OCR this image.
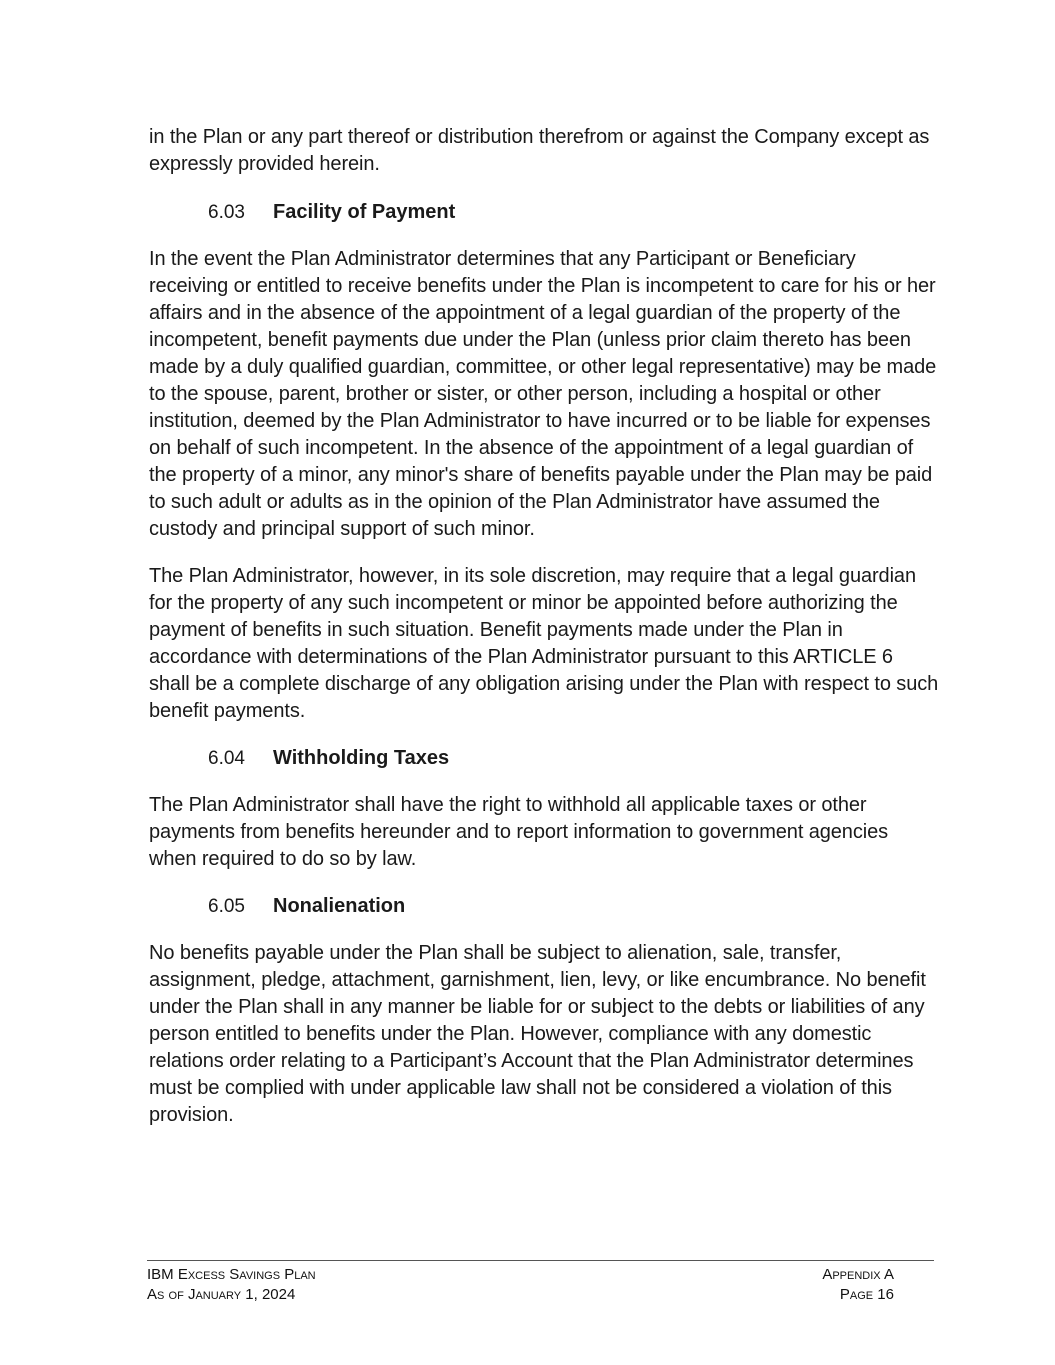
in the Plan or any part thereof or distribution therefrom or against the Company except as expressly provided herein.

6.03	Facility of Payment

In the event the Plan Administrator determines that any Participant or Beneficiary receiving or entitled to receive benefits under the Plan is incompetent to care for his or her affairs and in the absence of the appointment of a legal guardian of the property of the incompetent, benefit payments due under the Plan (unless prior claim thereto has been made by a duly qualified guardian, committee, or other legal representative) may be made to the spouse, parent, brother or sister, or other person, including a hospital or other institution, deemed by the Plan Administrator to have incurred or to be liable for expenses on behalf of such incompetent. In the absence of the appointment of a legal guardian of the property of a minor, any minor's share of benefits payable under the Plan may be paid to such adult or adults as in the opinion of the Plan Administrator have assumed the custody and principal support of such minor.

The Plan Administrator, however, in its sole discretion, may require that a legal guardian for the property of any such incompetent or minor be appointed before authorizing the payment of benefits in such situation. Benefit payments made under the Plan in accordance with determinations of the Plan Administrator pursuant to this ARTICLE 6 shall be a complete discharge of any obligation arising under the Plan with respect to such benefit payments.

6.04	Withholding Taxes

The Plan Administrator shall have the right to withhold all applicable taxes or other payments from benefits hereunder and to report information to government agencies when required to do so by law.

6.05	Nonalienation

No benefits payable under the Plan shall be subject to alienation, sale, transfer, assignment, pledge, attachment, garnishment, lien, levy, or like encumbrance. No benefit under the Plan shall in any manner be liable for or subject to the debts or liabilities of any person entitled to benefits under the Plan. However, compliance with any domestic relations order relating to a Participant’s Account that the Plan Administrator determines must be complied with under applicable law shall not be considered a violation of this provision.

IBM Excess Savings Plan	Appendix A
As of January 1, 2024	Page 16
